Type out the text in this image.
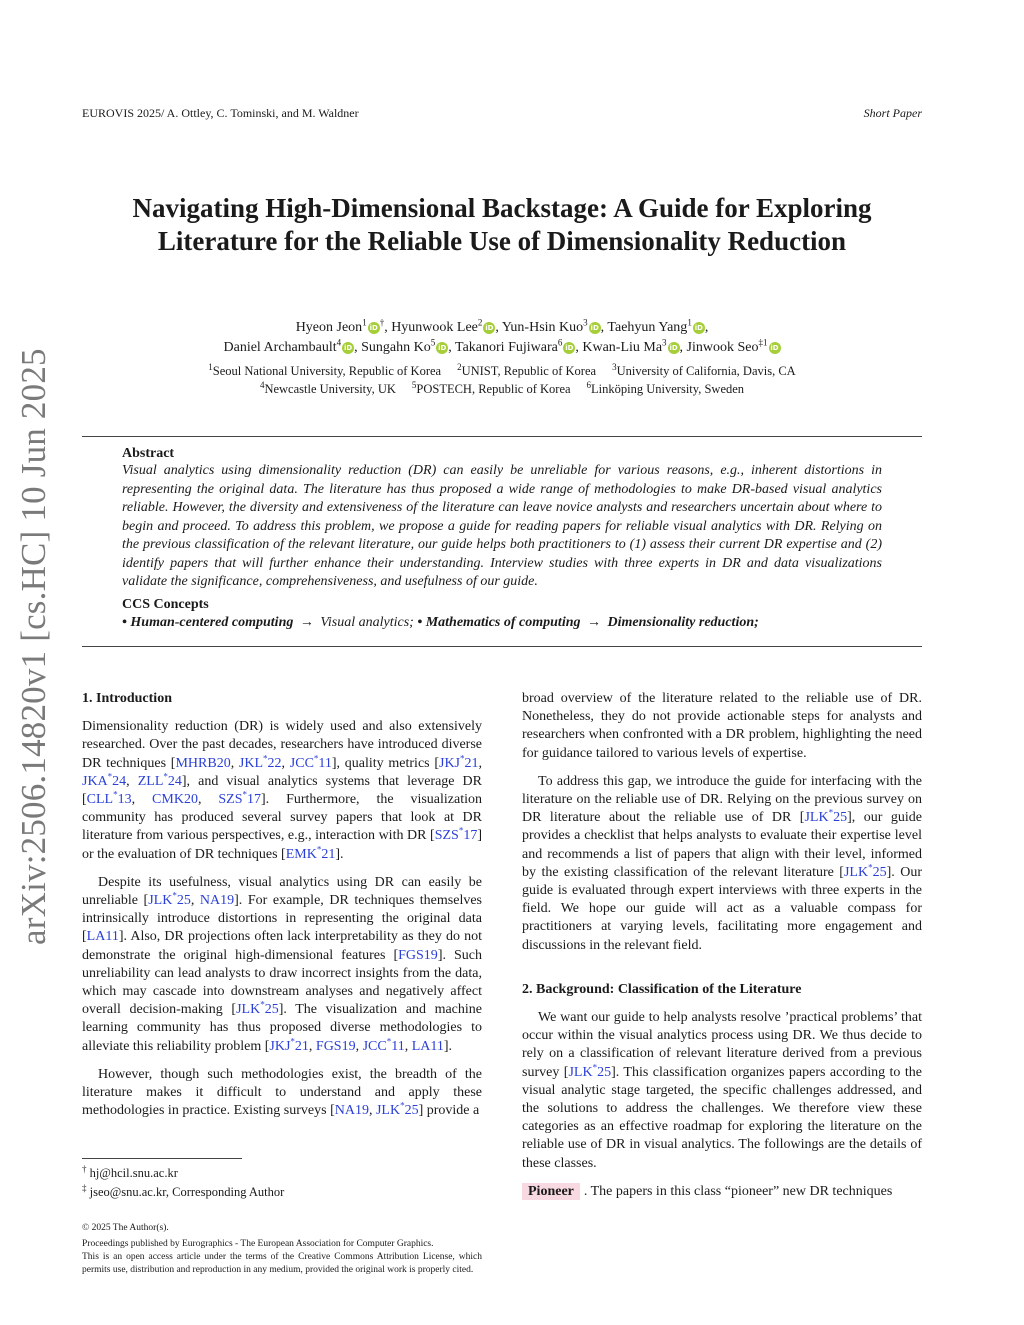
EUROVIS 2025/ A. Ottley, C. Tominski, and M. Waldner	Short Paper
arXiv:2506.14820v1 [cs.HC] 10 Jun 2025
Navigating High-Dimensional Backstage: A Guide for Exploring
Literature for the Reliable Use of Dimensionality Reduction
Hyeon Jeon$^1$iD†, Hyunwook Lee$^2$iD , Yun-Hsin Kuo$^3$iD , Taehyun Yang$^1$iD ,
Daniel Archambault$^4$iD , Sungahn Ko$^5$iD , Takanori Fujiwara$^6$iD , Kwan-Liu Ma$^3$iD , Jinwook Seo$^{\ddagger 1}$iD
$^1$Seoul National University, Republic of Korea $^2$UNIST, Republic of Korea $^3$University of California, Davis, CA
$^4$Newcastle University, UK $^5$POSTECH, Republic of Korea $^6$Linköping University, Sweden
Abstract

Visual analytics using dimensionality reduction (DR) can easily be unreliable for various reasons, e.g., inherent distortions in representing the original data. The literature has thus proposed a wide range of methodologies to make DR-based visual analytics reliable. However, the diversity and extensiveness of the literature can leave novice analysts and researchers uncertain about where to begin and proceed. To address this problem, we propose a guide for reading papers for reliable visual analytics with DR. Relying on the previous classification of the relevant literature, our guide helps both practitioners to (1) assess their current DR expertise and (2) identify papers that will further enhance their understanding. Interview studies with three experts in DR and data visualizations validate the significance, comprehensiveness, and usefulness of our guide.

CCS Concepts
• Human-centered computing → Visual analytics; • Mathematics of computing → Dimensionality reduction;
1. Introduction

Dimensionality reduction (DR) is widely used and also extensively researched. Over the past decades, researchers have introduced diverse DR techniques [MHRB20, JKL*22, JCC*11], quality metrics [JKJ*21, JKA*24, ZLL*24], and visual analytics systems that leverage DR [CLL*13, CMK20, SZS*17]. Furthermore, the visualization community has produced several survey papers that look at DR literature from various perspectives, e.g., interaction with DR [SZS*17] or the evaluation of DR techniques [EMK*21].

Despite its usefulness, visual analytics using DR can easily be unreliable [JLK*25, NA19]. For example, DR techniques themselves intrinsically introduce distortions in representing the original data [LA11]. Also, DR projections often lack interpretability as they do not demonstrate the original high-dimensional features [FGS19]. Such unreliability can lead analysts to draw incorrect insights from the data, which may cascade into downstream analyses and negatively affect overall decision-making [JLK*25]. The visualization and machine learning community has thus proposed diverse methodologies to alleviate this reliability problem [JKJ*21, FGS19, JCC*11, LA11].

However, though such methodologies exist, the breadth of the literature makes it difficult to understand and apply these methodologies in practice. Existing surveys [NA19, JLK*25] provide a

broad overview of the literature related to the reliable use of DR. Nonetheless, they do not provide actionable steps for analysts and researchers when confronted with a DR problem, highlighting the need for guidance tailored to various levels of expertise.

To address this gap, we introduce the guide for interfacing with the literature on the reliable use of DR. Relying on the previous survey on DR literature about the reliable use of DR [JLK*25], our guide provides a checklist that helps analysts to evaluate their expertise level and recommends a list of papers that align with their level, informed by the existing classification of the relevant literature [JLK*25]. Our guide is evaluated through expert interviews with three experts in the field. We hope our guide will act as a valuable compass for practitioners at varying levels, facilitating more engagement and discussions in the relevant field.

2. Background: Classification of the Literature

We want our guide to help analysts resolve ’practical problems’ that occur within the visual analytics process using DR. We thus decide to rely on a classification of relevant literature derived from a previous survey [JLK*25]. This classification organizes papers according to the visual analytic stage targeted, the specific challenges addressed, and the solutions to address the challenges. We therefore view these categories as an effective roadmap for exploring the literature on the reliable use of DR in visual analytics. The followings are the details of these classes.

Pioneer . The papers in this class “pioneer” new DR techniques

† hj@hcil.snu.ac.kr
‡ jseo@snu.ac.kr, Corresponding Author
© 2025 The Author(s).
Proceedings published by Eurographics - The European Association for Computer Graphics.
This is an open access article under the terms of the Creative Commons Attribution License, which permits use, distribution and reproduction in any medium, provided the original work is properly cited.
